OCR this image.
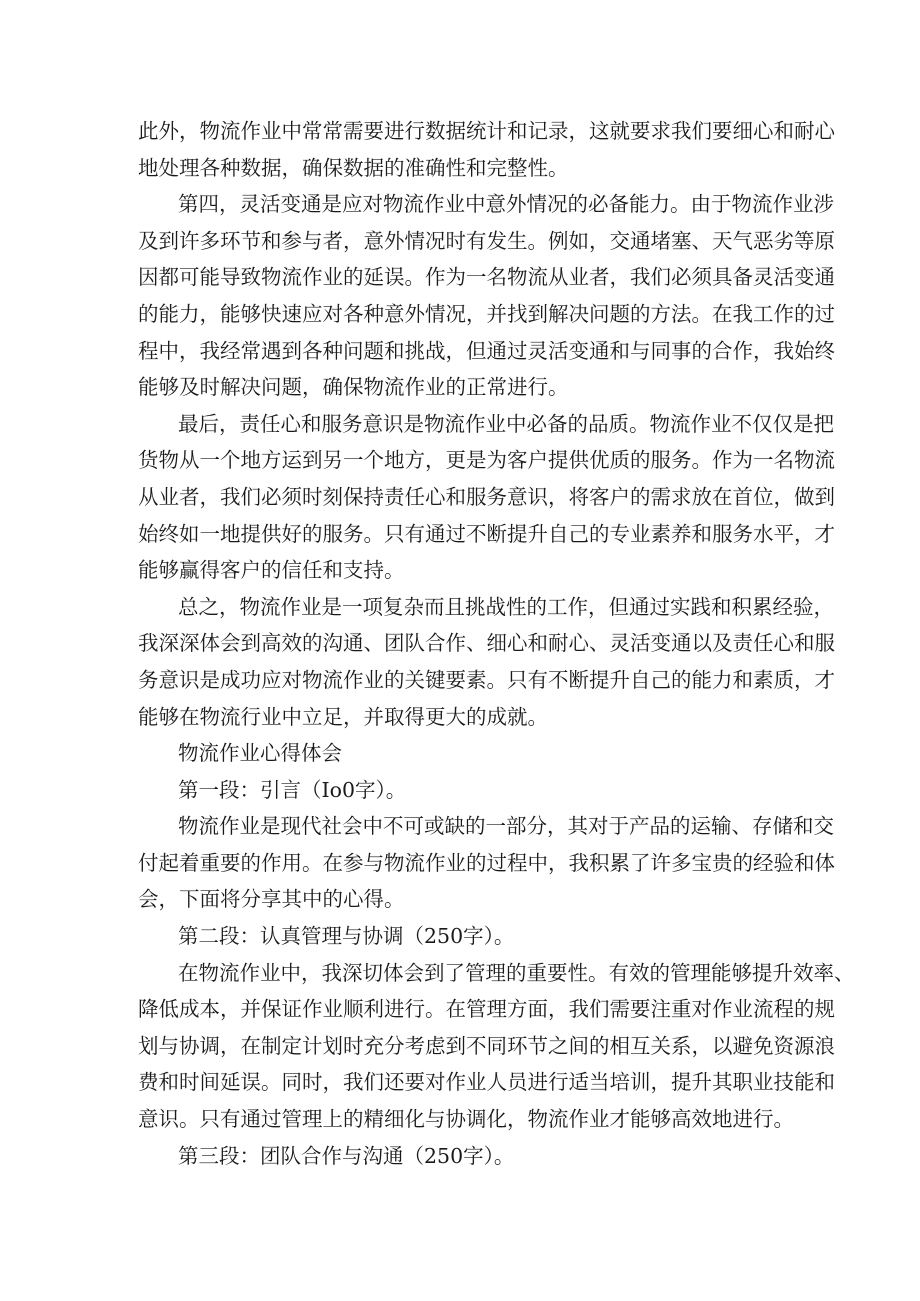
此外，物流作业中常常需要进行数据统计和记录，这就要求我们要细心和耐心
地处理各种数据，确保数据的准确性和完整性。
第四，灵活变通是应对物流作业中意外情况的必备能力。由于物流作业涉
及到许多环节和参与者，意外情况时有发生。例如，交通堵塞、天气恶劣等原
因都可能导致物流作业的延误。作为一名物流从业者，我们必须具备灵活变通
的能力，能够快速应对各种意外情况，并找到解决问题的方法。在我工作的过
程中，我经常遇到各种问题和挑战，但通过灵活变通和与同事的合作，我始终
能够及时解决问题，确保物流作业的正常进行。
最后，责任心和服务意识是物流作业中必备的品质。物流作业不仅仅是把
货物从一个地方运到另一个地方，更是为客户提供优质的服务。作为一名物流
从业者，我们必须时刻保持责任心和服务意识，将客户的需求放在首位，做到
始终如一地提供好的服务。只有通过不断提升自己的专业素养和服务水平，才
能够赢得客户的信任和支持。
总之，物流作业是一项复杂而且挑战性的工作，但通过实践和积累经验，
我深深体会到高效的沟通、团队合作、细心和耐心、灵活变通以及责任心和服
务意识是成功应对物流作业的关键要素。只有不断提升自己的能力和素质，才
能够在物流行业中立足，并取得更大的成就。
物流作业心得体会
第一段：引言（Io0字）。
物流作业是现代社会中不可或缺的一部分，其对于产品的运输、存储和交
付起着重要的作用。在参与物流作业的过程中，我积累了许多宝贵的经验和体
会，下面将分享其中的心得。
第二段：认真管理与协调（250字）。
在物流作业中，我深切体会到了管理的重要性。有效的管理能够提升效率、
降低成本，并保证作业顺利进行。在管理方面，我们需要注重对作业流程的规
划与协调，在制定计划时充分考虑到不同环节之间的相互关系，以避免资源浪
费和时间延误。同时，我们还要对作业人员进行适当培训，提升其职业技能和
意识。只有通过管理上的精细化与协调化，物流作业才能够高效地进行。
第三段：团队合作与沟通（250字）。
